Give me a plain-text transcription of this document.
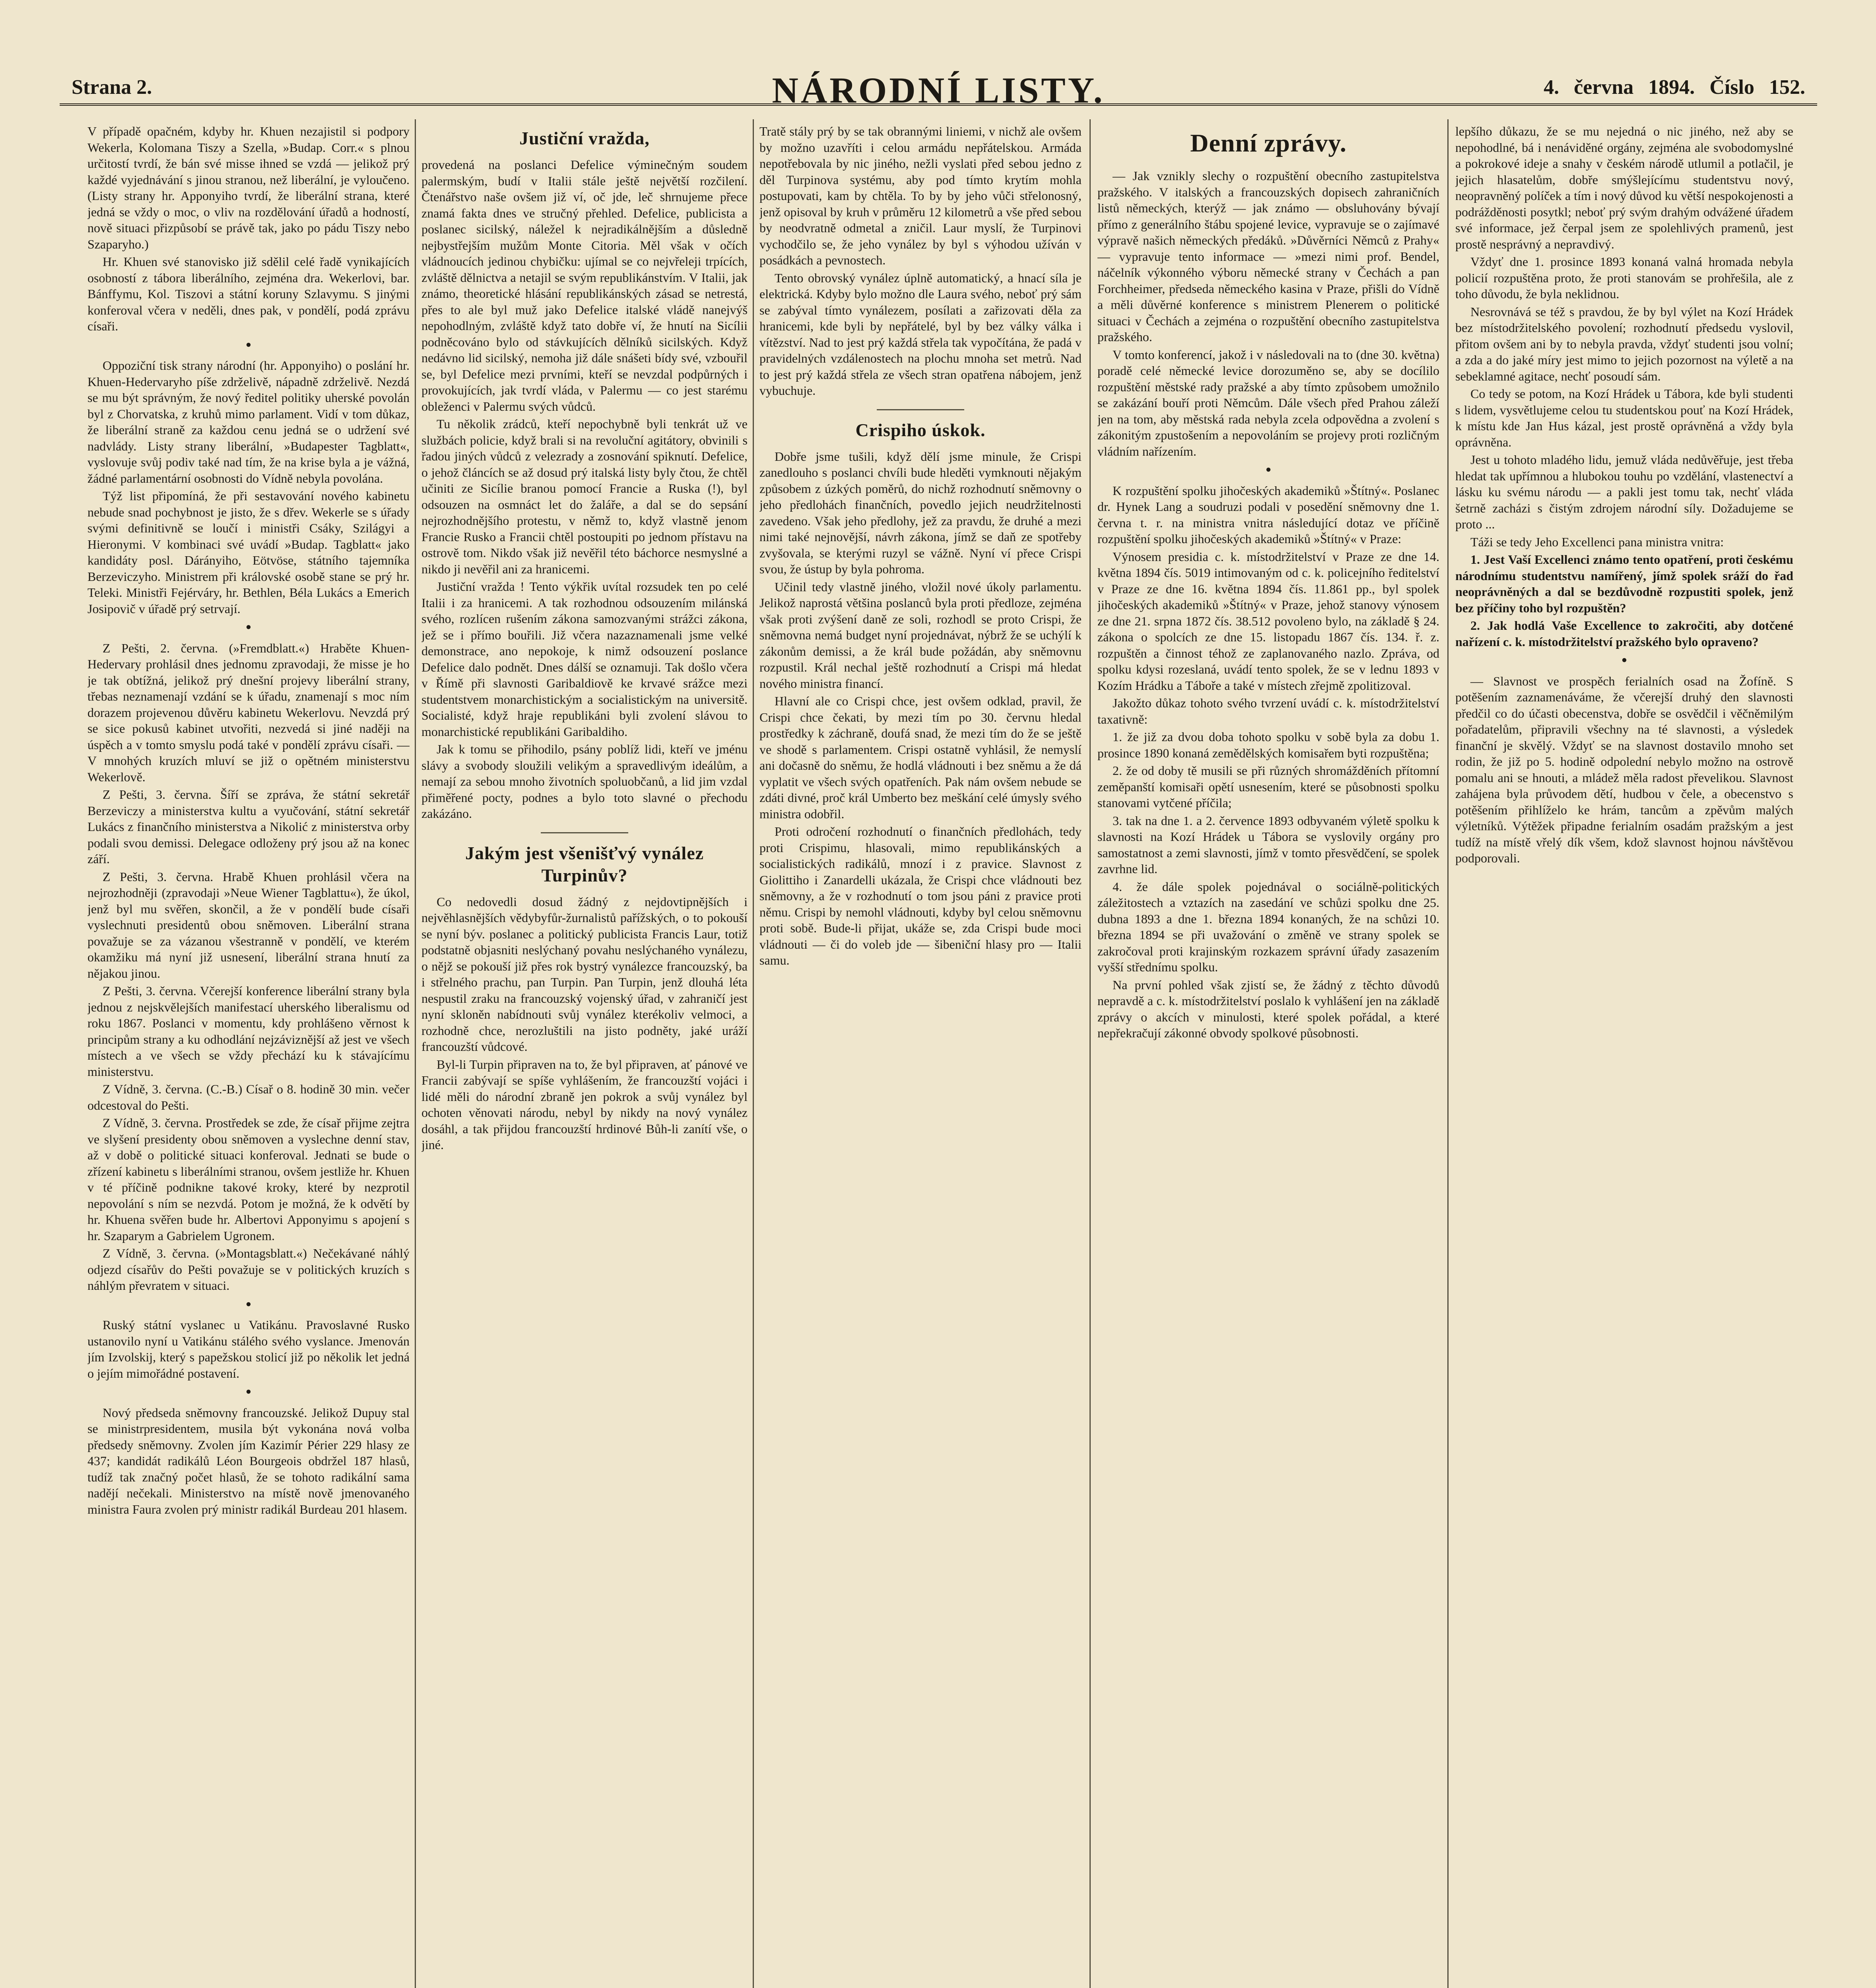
Strana 2.	NÁRODNÍ LISTY.	4. června 1894. Číslo 152.

V případě opačném, kdyby hr. Khuen nezajistil si podpory Wekerla, Kolomana Tiszy a Szella, »Budap. Corr.« s plnou určitostí tvrdí, že bán své misse ihned se vzdá — jelikož prý každé vyjednávání s jinou stranou, než liberální, je vyloučeno. (Listy strany hr. Apponyiho tvrdí, že liberální strana, které jedná se vždy o moc, o vliv na rozdělování úřadů a hodností, nově situaci přizpůsobí se právě tak, jako po pádu Tiszy nebo Szaparyho.)

Hr. Khuen své stanovisko již sdělil celé řadě vynikajících osobností z tábora liberálního, zejména dra. Wekerlovi, bar. Bánffymu, Kol. Tiszovi a státní koruny Szlavymu. S jinými konferoval včera v neděli, dnes pak, v pondělí, podá zprávu císaři.

●

Oppoziční tisk strany národní (hr. Apponyiho) o poslání hr. Khuen-Hedervaryho píše zdrželivě, nápadně zdrželivě. Nezdá se mu být správným, že nový ředitel politiky uherské povolán byl z Chorvatska, z kruhů mimo parlament. Vidí v tom důkaz, že liberální straně za každou cenu jedná se o udržení své nadvlády. Listy strany liberální, »Budapester Tagblatt«, vyslovuje svůj podiv také nad tím, že na krise byla a je vážná, žádné parlamentární osobnosti do Vídně nebyla povolána.

Týž list připomíná, že při sestavování nového kabinetu nebude snad pochybnost je jisto, že s dřev. Wekerle se s úřady svými definitivně se loučí i ministři Csáky, Szilágyi a Hieronymi. V kombinaci své uvádí »Budap. Tagblatt« jako kandidáty posl. Dárányiho, Eötvöse, státního tajemníka Berzeviczyho. Ministrem při královské osobě stane se prý hr. Teleki. Ministři Fejérváry, hr. Bethlen, Béla Lukács a Emerich Josipovič v úřadě prý setrvají.

●

Z Pešti, 2. června. (»Fremdblatt.«) Hraběte Khuen-Hedervary prohlásil dnes jednomu zpravodaji, že misse je ho je tak obtížná, jelikož prý dnešní projevy liberální strany, třebas neznamenají vzdání se k úřadu, znamenají s moc ním dorazem projevenou důvěru kabinetu Wekerlovu. Nevzdá prý se sice pokusů kabinet utvořiti, nezvedá si jiné naději na úspěch a v tomto smyslu podá také v pondělí zprávu císaři. — V mnohých kruzích mluví se již o opětném ministerstvu Wekerlově.

Z Pešti, 3. června. Šíří se zpráva, že státní sekretář Berzeviczy a ministerstva kultu a vyučování, státní sekretář Lukács z finančního ministerstva a Nikolić z ministerstva orby podali svou demissi. Delegace odloženy prý jsou až na konec září.

Z Pešti, 3. června. Hrabě Khuen prohlásil včera na nejrozhodněji (zpravodaji »Neue Wiener Tagblattu«), že úkol, jenž byl mu svěřen, skončil, a že v pondělí bude císaři vyslechnuti presidentů obou sněmoven. Liberální strana považuje se za vázanou všestranně v pondělí, ve kterém okamžiku má nyní již usnesení, liberální strana hnutí za nějakou jinou.

Z Pešti, 3. června. Včerejší konference liberální strany byla jednou z nejskvělejších manifestací uherského liberalismu od roku 1867. Poslanci v momentu, kdy prohlášeno věrnost k principům strany a ku odhodlání nejzáviznější až jest ve všech místech a ve všech se vždy přechází ku k stávajícímu ministerstvu.

Z Vídně, 3. června. (C.-B.) Císař o 8. hodině 30 min. večer odcestoval do Pešti.

Z Vídně, 3. června. Prostředek se zde, že císař přijme zejtra ve slyšení presidenty obou sněmoven a vyslechne denní stav, až v době o politické situaci konferoval. Jednati se bude o zřízení kabinetu s liberálními stranou, ovšem jestliže hr. Khuen v té příčině podnikne takové kroky, které by nezprotil nepovolání s ním se nezvdá. Potom je možná, že k odvětí by hr. Khuena svěřen bude hr. Albertovi Apponyimu s apojení s hr. Szaparym a Gabrielem Ugronem.

Z Vídně, 3. června. (»Montagsblatt.«) Nečekávané náhlý odjezd císařův do Pešti považuje se v politických kruzích s náhlým převratem v situaci.

●

Ruský státní vyslanec u Vatikánu. Pravoslavné Rusko ustanovilo nyní u Vatikánu stálého svého vyslance. Jmenován jím Izvolskij, který s papežskou stolicí již po několik let jedná o jejím mimořádné postavení.

●

Nový předseda sněmovny francouzské. Jelikož Dupuy stal se ministrpresidentem, musila být vykonána nová volba předsedy sněmovny. Zvolen jím Kazimír Périer 229 hlasy ze 437; kandidát radikálů Léon Bourgeois obdržel 187 hlasů, tudíž tak značný počet hlasů, že se tohoto radikální sama nadějí nečekali. Ministerstvo na místě nově jmenovaného ministra Faura zvolen prý ministr radikál Burdeau 201 hlasem.

Justiční vražda,

provedená na poslanci Defelice výminečným soudem palermským, budí v Italii stále ještě největší rozčilení. Čtenářstvo naše ovšem již ví, oč jde, leč shrnujeme přece znamá fakta dnes ve stručný přehled. Defelice, publicista a poslanec sicilský, náležel k nejradikálnějším a důsledně nejbystřejším mužům Monte Citoria. Měl však v očích vládnoucích jedinou chybičku: ujímal se co nejvřeleji trpících, zvláště dělnictva a netajil se svým republikánstvím. V Italii, jak známo, theoretické hlásání republikánských zásad se netrestá, přes to ale byl muž jako Defelice italské vládě nanejvýš nepohodlným, zvláště když tato dobře ví, že hnutí na Sicílii podněcováno bylo od stávkujících dělníků sicilských. Když nedávno lid sicilský, nemoha již dále snášeti bídy své, vzbouřil se, byl Defelice mezi prvními, kteří se nevzdal podpůrných i provokujících, jak tvrdí vláda, v Palermu — co jest starému obleženci v Palermu svých vůdců.

Tu několik zrádců, kteří nepochybně byli tenkrát už ve službách policie, když brali si na revoluční agitátory, obvinili s řadou jiných vůdců z velezrady a zosnování spiknutí. Defelice, o jehož článcích se až dosud prý italská listy byly čtou, že chtěl učiniti ze Sicílie branou pomocí Francie a Ruska (!), byl odsouzen na osmnáct let do žaláře, a dal se do sepsání nejrozhodnějšího protestu, v němž to, když vlastně jenom Francie Rusko a Francii chtěl postoupiti po jednom přístavu na ostrově tom. Nikdo však již nevěřil této báchorce nesmyslné a nikdo ji nevěřil ani za hranicemi.

Justiční vražda ! Tento výkřik uvítal rozsudek ten po celé Italii i za hranicemi. A tak rozhodnou odsouzením milánská svého, rozlícen rušením zákona samozvanými strážci zákona, jež se i přímo bouřili. Již včera nazaznamenali jsme velké demonstrace, ano nepokoje, k nimž odsouzení poslance Defelice dalo podnět. Dnes dálší se oznamuji. Tak došlo včera v Římě při slavnosti Garibaldiově ke krvavé srážce mezi studentstvem monarchistickým a socialistickým na universitě. Socialisté, když hraje republikáni byli zvolení slávou to monarchistické republikáni Garibaldiho.

Jak k tomu se přihodilo, psány poblíž lidi, kteří ve jménu slávy a svobody sloužili velikým a spravedlivým ideálům, a nemají za sebou mnoho životních spoluobčanů, a lid jim vzdal přiměřené pocty, podnes a bylo toto slavné o přechodu zakázáno.

Jakým jest všenišťvý vynález Turpinův?

Co nedovedli dosud žádný z nejdovtipnějších i nejvěhlasnějších vědybyfůr-žurnalistů pařížských, o to pokouší se nyní býv. poslanec a politický publicista Francis Laur, totiž podstatně objasniti neslýchaný povahu neslýchaného vynálezu, o nějž se pokouší již přes rok bystrý vynálezce francouzský, ba i střelného prachu, pan Turpin. Pan Turpin, jenž dlouhá léta nespustil zraku na francouzský vojenský úřad, v zahraničí jest nyní skloněn nabídnouti svůj vynález kterékoliv velmoci, a rozhodně chce, nerozluštili na jisto podněty, jaké uráží francouzští vůdcové.

Byl-li Turpin připraven na to, že byl připraven, ať pánové ve Francii zabývají se spíše vyhlášením, že francouzští vojáci i lidé měli do národní zbraně jen pokrok a svůj vynález byl ochoten věnovati národu, nebyl by nikdy na nový vynález dosáhl, a tak přijdou francouzští hrdinové Bůh-li zanítí vše, o jiné.

Tratě stály prý by se tak obrannými liniemi, v nichž ale ovšem by možno uzavříti i celou armádu nepřátelskou. Armáda nepotřebovala by nic jiného, nežli vyslati před sebou jedno z děl Turpinova systému, aby pod tímto krytím mohla postupovati, kam by chtěla. To by by jeho vůči střelonosný, jenž opisoval by kruh v průměru 12 kilometrů a vše před sebou by neodvratně odmetal a zničil. Laur myslí, že Turpinovi vychodčilo se, že jeho vynález by byl s výhodou užíván v posádkách a pevnostech.

Tento obrovský vynález úplně automatický, a hnací síla je elektrická. Kdyby bylo možno dle Laura svého, neboť prý sám se zabýval tímto vynálezem, posílati a zařizovati děla za hranicemi, kde byli by nepřátelé, byl by bez války válka i vítězství. Nad to jest prý každá střela tak vypočítána, že padá v pravidelných vzdálenostech na plochu mnoha set metrů. Nad to jest prý každá střela ze všech stran opatřena nábojem, jenž vybuchuje.

Crispiho úskok.

Dobře jsme tušili, když dělí jsme minule, že Crispi zanedlouho s poslanci chvíli bude hleděti vymknouti nějakým způsobem z úzkých poměrů, do nichž rozhodnutí sněmovny o jeho předlohách finančních, povedlo jejich neudržitelnosti zavedeno. Však jeho předlohy, jež za pravdu, že druhé a mezi nimi také nejnovější, návrh zákona, jímž se daň ze spotřeby zvyšovala, se kterými ruzyl se vážně. Nyní ví přece Crispi svou, že ústup by byla pohroma.

Učinil tedy vlastně jiného, vložil nové úkoly parlamentu. Jelikož naprostá většina poslanců byla proti předloze, zejména však proti zvýšení daně ze soli, rozhodl se proto Crispi, že sněmovna nemá budget nyní projednávat, nýbrž že se uchýlí k zákonům demissi, a že král bude požádán, aby sněmovnu rozpustil. Král nechal ještě rozhodnutí a Crispi má hledat nového ministra financí.

Hlavní ale co Crispi chce, jest ovšem odklad, pravil, že Crispi chce čekati, by mezi tím po 30. červnu hledal prostředky k záchraně, doufá snad, že mezi tím do že se ještě ve shodě s parlamentem. Crispi ostatně vyhlásil, že nemyslí ani dočasně do sněmu, že hodlá vládnouti i bez sněmu a že dá vyplatit ve všech svých opatřeních. Pak nám ovšem nebude se zdáti divné, proč král Umberto bez meškání celé úmysly svého ministra odobřil.

Proti odročení rozhodnutí o finančních předlohách, tedy proti Crispimu, hlasovali, mimo republikánských a socialistických radikálů, mnozí i z pravice. Slavnost z Giolittiho i Zanardelli ukázala, že Crispi chce vládnouti bez sněmovny, a že v rozhodnutí o tom jsou páni z pravice proti němu. Crispi by nemohl vládnouti, kdyby byl celou sněmovnu proti sobě. Bude-li přijat, ukáže se, zda Crispi bude moci vládnouti — či do voleb jde — šibeniční hlasy pro — Italii samu.

Denní zprávy.

— Jak vznikly slechy o rozpuštění obecního zastupitelstva pražského. V italských a francouzských dopisech zahraničních listů německých, kterýž — jak známo — obsluhovány bývají přímo z generálního štábu spojené levice, vypravuje se o zajímavé výpravě našich německých předáků. »Důvěrníci Němců z Prahy« — vypravuje tento informace — »mezi nimi prof. Bendel, náčelník výkonného výboru německé strany v Čechách a pan Forchheimer, předseda německého kasina v Praze, přišli do Vídně a měli důvěrné konference s ministrem Plenerem o politické situaci v Čechách a zejména o rozpuštění obecního zastupitelstva pražského.

V tomto konferencí, jakož i v následovali na to (dne 30. května) poradě celé německé levice dorozuměno se, aby se docílilo rozpuštění městské rady pražské a aby tímto způsobem umožnilo se zakázání bouří proti Němcům. Dále všech před Prahou záleží jen na tom, aby městská rada nebyla zcela odpovědna a zvolení s zákonitým zpustošením a nepovoláním se projevy proti rozličným vládním nařízením.

●

K rozpuštění spolku jihočeských akademiků »Štítný«. Poslanec dr. Hynek Lang a soudruzi podali v posedění sněmovny dne 1. června t. r. na ministra vnitra následující dotaz ve příčině rozpuštění spolku jihočeských akademiků »Štítný« v Praze:

Výnosem presidia c. k. místodržitelství v Praze ze dne 14. května 1894 čís. 5019 intimovaným od c. k. policejního ředitelství v Praze ze dne 16. května 1894 čís. 11.861 pp., byl spolek jihočeských akademiků »Štítný« v Praze, jehož stanovy výnosem ze dne 21. srpna 1872 čís. 38.512 povoleno bylo, na základě § 24. zákona o spolcích ze dne 15. listopadu 1867 čís. 134. ř. z. rozpuštěn a činnost téhož ze zaplanovaného nazlo. Zpráva, od spolku kdysi rozeslaná, uvádí tento spolek, že se v lednu 1893 v Kozím Hrádku a Táboře a také v místech zřejmě zpolitizoval.

Jakožto důkaz tohoto svého tvrzení uvádí c. k. místodržitelství taxativně:

1. že již za dvou doba tohoto spolku v sobě byla za dobu 1. prosince 1890 konaná zemědělských komisařem byti rozpuštěna;

2. že od doby tě musili se při různých shromážděních přítomní zeměpanští komisaři opětí usnesením, které se působnosti spolku stanovami vytčené příčila;

3. tak na dne 1. a 2. července 1893 odbyvaném výletě spolku k slavnosti na Kozí Hrádek u Tábora se vyslovily orgány pro samostatnost a zemi slavnosti, jímž v tomto přesvědčení, se spolek zavrhne lid.

4. že dále spolek pojednával o sociálně-politických záležitostech a vztazích na zasedání ve schůzi spolku dne 25. dubna 1893 a dne 1. března 1894 konaných, že na schůzi 10. března 1894 se při uvažování o změně ve strany spolek se zakročoval proti krajinským rozkazem správní úřady zasazením vyšší střednímu spolku.

Na první pohled však zjistí se, že žádný z těchto důvodů nepravdě a c. k. místodržitelství poslalo k vyhlášení jen na základě zprávy o akcích v minulosti, které spolek pořádal, a které nepřekračují zákonné obvody spolkové působnosti.

lepšího důkazu, že se mu nejedná o nic jiného, než aby se nepohodlné, bá i nenáviděné orgány, zejména ale svobodomyslné a pokrokové ideje a snahy v českém národě utlumil a potlačil, je jejich hlasatelům, dobře smýšlejícímu studentstvu nový, neopravněný políček a tím i nový důvod ku větší nespokojenosti a podrážděnosti posytkl; neboť prý svým drahým odvážené úřadem své informace, jež čerpal jsem ze spolehlivých pramenů, jest prostě nesprávný a nepravdivý.

Vždyť dne 1. prosince 1893 konaná valná hromada nebyla policií rozpuštěna proto, že proti stanovám se prohřešila, ale z toho důvodu, že byla neklidnou.

Nesrovnává se též s pravdou, že by byl výlet na Kozí Hrádek bez místodržitelského povolení; rozhodnutí předsedu vyslovil, přitom ovšem ani by to nebyla pravda, vždyť studenti jsou volní; a zda a do jaké míry jest mimo to jejich pozornost na výletě a na sebeklamné agitace, nechť posoudí sám.

Co tedy se potom, na Kozí Hrádek u Tábora, kde byli studenti s lidem, vysvětlujeme celou tu studentskou pouť na Kozí Hrádek, k místu kde Jan Hus kázal, jest prostě oprávněná a vždy byla oprávněna.

Jest u tohoto mladého lidu, jemuž vláda nedůvěřuje, jest třeba hledat tak upřímnou a hlubokou touhu po vzdělání, vlastenectví a lásku ku svému národu — a pakli jest tomu tak, nechť vláda šetrně zacházi s čistým zdrojem národní síly. Dožadujeme se proto ...

Táži se tedy Jeho Excellenci pana ministra vnitra:

1. Jest Vaší Excellenci známo tento opatření, proti českému národnímu studentstvu namířený, jímž spolek sráží do řad neoprávněných a dal se bezdůvodně rozpustiti spolek, jenž bez příčiny toho byl rozpuštěn?

2. Jak hodlá Vaše Excellence to zakročiti, aby dotčené nařízení c. k. místodržitelství pražského bylo opraveno?

●

— Slavnost ve prospěch ferialních osad na Žofíně. S potěšením zaznamenáváme, že včerejší druhý den slavnosti předčil co do účasti obecenstva, dobře se osvědčil i věčněmilým pořadatelům, připravili všechny na té slavnosti, a výsledek finanční je skvělý. Vždyť se na slavnost dostavilo mnoho set rodin, že již po 5. hodině odpolední nebylo možno na ostrově pomalu ani se hnouti, a mládež měla radost převelikou. Slavnost zahájena byla průvodem dětí, hudbou v čele, a obecenstvo s potěšením přihlíželo ke hrám, tancům a zpěvům malých výletníků. Výtěžek připadne ferialním osadám pražským a jest tudíž na místě vřelý dík všem, kdož slavnost hojnou návštěvou podporovali.
